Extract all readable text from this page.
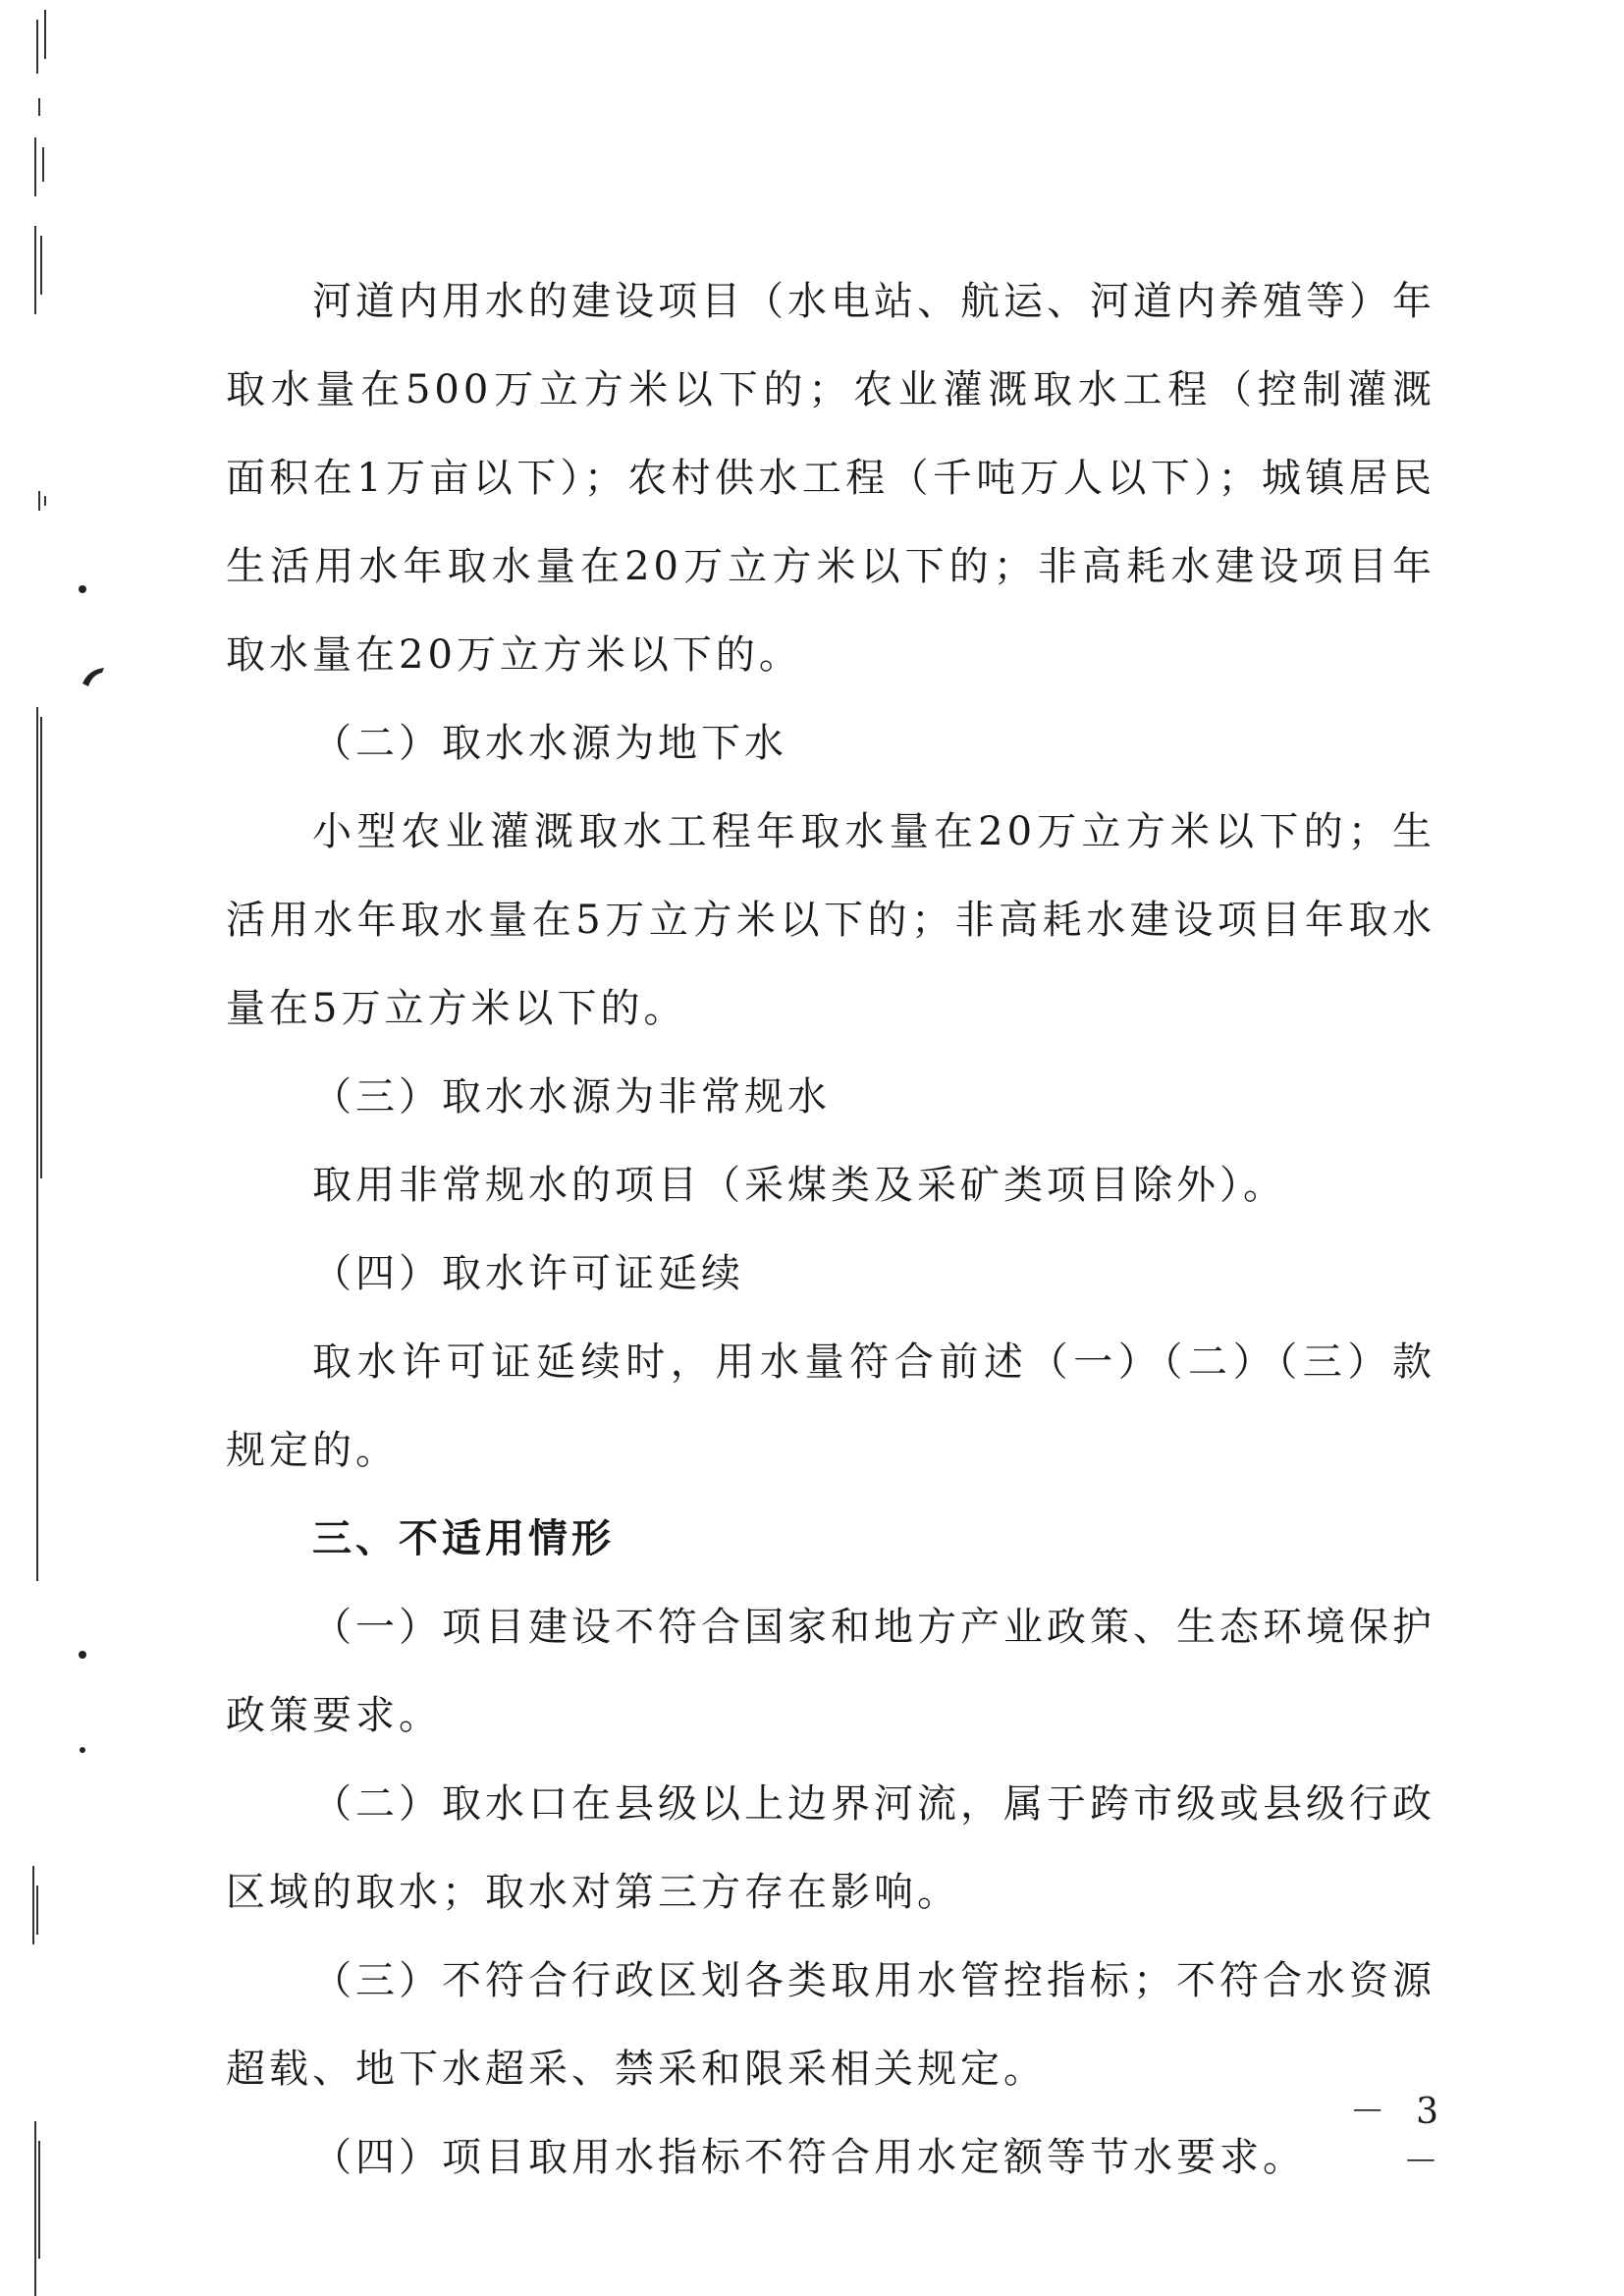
河道内用水的建设项目（水电站、航运、河道内养殖等）年取水量在500万立方米以下的；农业灌溉取水工程（控制灌溉面积在1万亩以下）；农村供水工程（千吨万人以下）；城镇居民生活用水年取水量在20万立方米以下的；非高耗水建设项目年取水量在20万立方米以下的。

（二）取水水源为地下水

小型农业灌溉取水工程年取水量在20万立方米以下的；生活用水年取水量在5万立方米以下的；非高耗水建设项目年取水量在5万立方米以下的。

（三）取水水源为非常规水

取用非常规水的项目（采煤类及采矿类项目除外）。

（四）取水许可证延续

取水许可证延续时，用水量符合前述（一）（二）（三）款规定的。

三、不适用情形

（一）项目建设不符合国家和地方产业政策、生态环境保护政策要求。

（二）取水口在县级以上边界河流，属于跨市级或县级行政区域的取水；取水对第三方存在影响。

（三）不符合行政区划各类取用水管控指标；不符合水资源超载、地下水超采、禁采和限采相关规定。

（四）项目取用水指标不符合用水定额等节水要求。

－ 3 －
